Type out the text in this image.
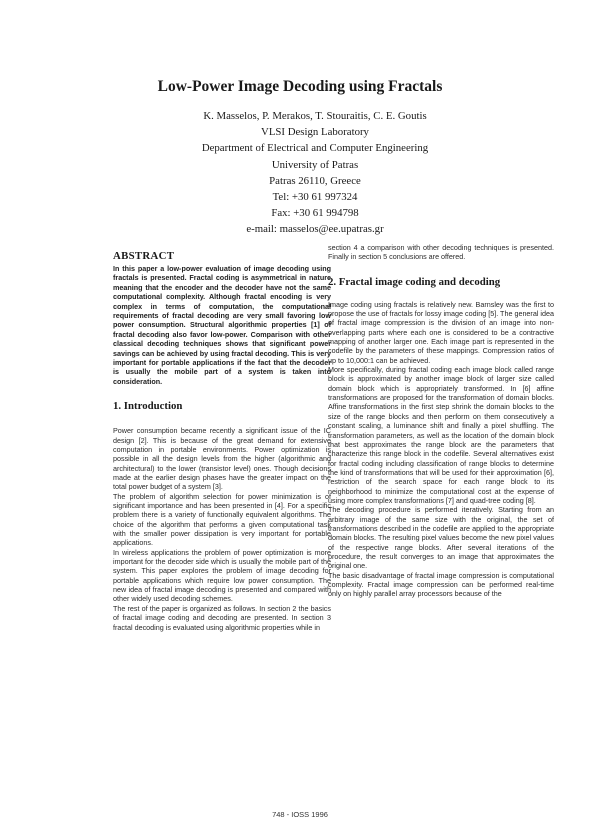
Low-Power Image Decoding using Fractals
K. Masselos, P. Merakos, T. Stouraitis, C. E. Goutis
VLSI Design Laboratory
Department of Electrical and Computer Engineering
University of Patras
Patras 26110, Greece
Tel: +30 61 997324
Fax: +30 61 994798
e-mail: masselos@ee.upatras.gr
ABSTRACT

In this paper a low-power evaluation of image decoding using fractals is presented. Fractal coding is asymmetrical in nature meaning that the encoder and the decoder have not the same computational complexity. Although fractal encoding is very complex in terms of computation, the computational requirements of fractal decoding are very small favoring low power consumption. Structural algorithmic properties [1] of fractal decoding also favor low-power. Comparison with other classical decoding techniques shows that significant power savings can be achieved by using fractal decoding. This is very important for portable applications if the fact that the decoder is usually the mobile part of a system is taken into consideration.

1. Introduction

Power consumption became recently a significant issue of the IC design [2]. This is because of the great demand for extensive computation in portable environments. Power optimization is possible in all the design levels from the higher (algorithmic and architectural) to the lower (transistor level) ones. Though decisions made at the earlier design phases have the greater impact on the total power budget of a system [3].

The problem of algorithm selection for power minimization is of significant importance and has been presented in [4]. For a specific problem there is a variety of functionally equivalent algorithms. The choice of the algorithm that performs a given computational task with the smaller power dissipation is very important for portable applications.

In wireless applications the problem of power optimization is more important for the decoder side which is usually the mobile part of the system. This paper explores the problem of image decoding for portable applications which require low power consumption. The new idea of fractal image decoding is presented and compared with other widely used decoding schemes.

The rest of the paper is organized as follows. In section 2 the basics of fractal image coding and decoding are presented. In section 3 fractal decoding is evaluated using algorithmic properties while in

section 4 a comparison with other decoding techniques is presented. Finally in section 5 conclusions are offered.

2. Fractal image coding and decoding

Image coding using fractals is relatively new. Barnsley was the first to propose the use of fractals for lossy image coding [5]. The general idea of fractal image compression is the division of an image into non-overlapping parts where each one is considered to be a contractive mapping of another larger one. Each image part is represented in the codefile by the parameters of these mappings. Compression ratios of up to 10,000:1 can be achieved.

More specifically, during fractal coding each image block called range block is approximated by another image block of larger size called domain block which is appropriately transformed. In [6] affine transformations are proposed for the transformation of domain blocks. Affine transformations in the first step shrink the domain blocks to the size of the range blocks and then perform on them consecutively a constant scaling, a luminance shift and finally a pixel shuffling. The transformation parameters, as well as the location of the domain block that best approximates the range block are the parameters that characterize this range block in the codefile. Several alternatives exist for fractal coding including classification of range blocks to determine the kind of transformations that will be used for their approximation [6], restriction of the search space for each range block to its neighborhood to minimize the computational cost at the expense of using more complex transformations [7] and quad-tree coding [8].

The decoding procedure is performed iteratively. Starting from an arbitrary image of the same size with the original, the set of transformations described in the codefile are applied to the appropriate domain blocks. The resulting pixel values become the new pixel values of the respective range blocks. After several iterations of the procedure, the result converges to an image that approximates the original one.

The basic disadvantage of fractal image compression is computational complexity. Fractal image compression can be performed real-time only on highly parallel array processors because of the

748 - IOSS 1996
